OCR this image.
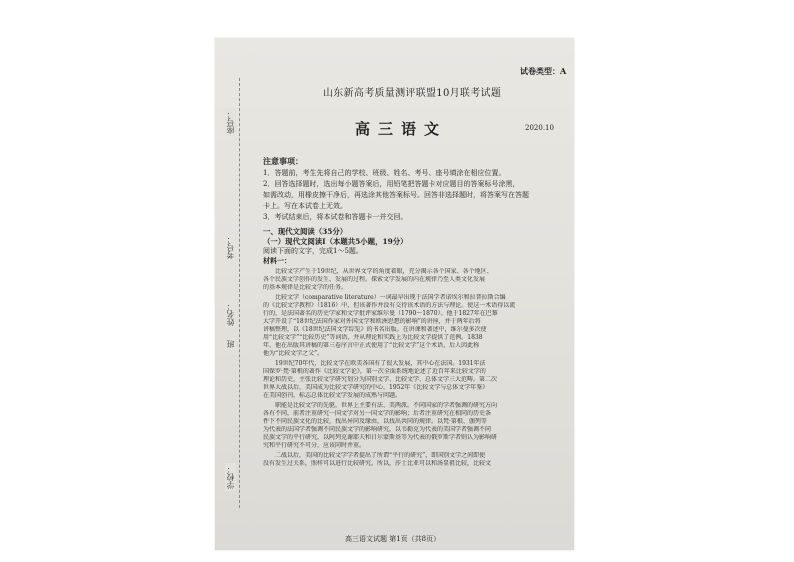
座号：
考号：
姓名：
班
学校：
试卷类型：A
山东新高考质量测评联盟10月联考试题
高三语文	2020.10
注意事项：
1．答题前，考生先将自己的学校、班级、姓名、考号、座号填涂在相应位置。
2．回答选择题时，选出每小题答案后，用铅笔把答题卡对应题目的答案标号涂黑，
如需改动，用橡皮擦干净后，再选涂其他答案标号。回答非选择题时，将答案写在答题
卡上。写在本试卷上无效。
3．考试结束后，将本试卷和答题卡一并交回。
一、现代文阅读（35分）
（一）现代文阅读Ⅰ（本题共5小题，19分）
阅读下面的文字，完成1～5题。
材料一：
比较文学产生于19世纪，从世界文学的角度着眼，充分揭示各个国家、各个地区、
各个民族文学创作的发生、发展的过程。探索文学发展的内在规律乃至人类文化发展
的基本规律是比较文学的任务。
比较文学（comparative literature）一词最早出现于法国学者诺埃尔和拉普拉斯合编
的《比较文学教程》（1816）中，但该著作并没有交待该术语的方法与理论。使这一术语得以流
行的，是法国著名的历史学家和文学批评家维尔曼（1790～1870）。他于1827年在巴黎
大学开设了“18世纪法国作家对外国文学和欧洲思想的影响”的讲座，并于两年后将
讲稿整理，以《18世纪法国文学综览》的书名出版。在讲课和著述中，维尔曼多次使
用“比较文学”“比较历史”等词语，并从理论和实践上为比较文学提供了范例。1838
年，他在出版其讲稿的第三卷序言中正式使用了“比较文学”这个术语，后人因此称
他为“比较文学之父”。
19世纪70年代，比较文学在欧美各国有了很大发展，其中心在法国。1931年法
国保罗·梵·第根的著作《比较文学论》，第一次全面系统地论述了近百年来比较文学的
理论和历史，主张比较文学研究划分为国别文学、比较文学、总体文学三大范畴。第二次
世界大战以后，美国成为比较文学研究的中心，1952年《比较文学与总体文学年鉴》
在美国创刊，标志总体比较文学发展的成熟与问题。
职能是比较文学的先驱，世界上主要有法、美两派。不同国家的学者强调的研究方向
各有不同，前者注重研究一国文学对另一国文学的影响；后者注重研究在相同的历史条
件下不同民族文化的比较，找出异同及缘由，以找出共同的规律。以梵·第根、伽列等
为代表的法国学者强调不同民族文学的影响研究，以韦勒克为代表的美国学者强调不同
民族文学的平行研究，以阿列克谢耶夫和日尔蒙斯基等为代表的俄罗斯学者则认为影响研
究和平行研究不可分，应该同时并重。
二战以后，美国的比较文学学者提出了所谓“平行的研究”，即国别文学之间即使
没有发生过关系，照样可以进行比较研究。所以，莎士比亚可以和汤显祖比较，比较文
高三语文试题 第1页（共8页）
